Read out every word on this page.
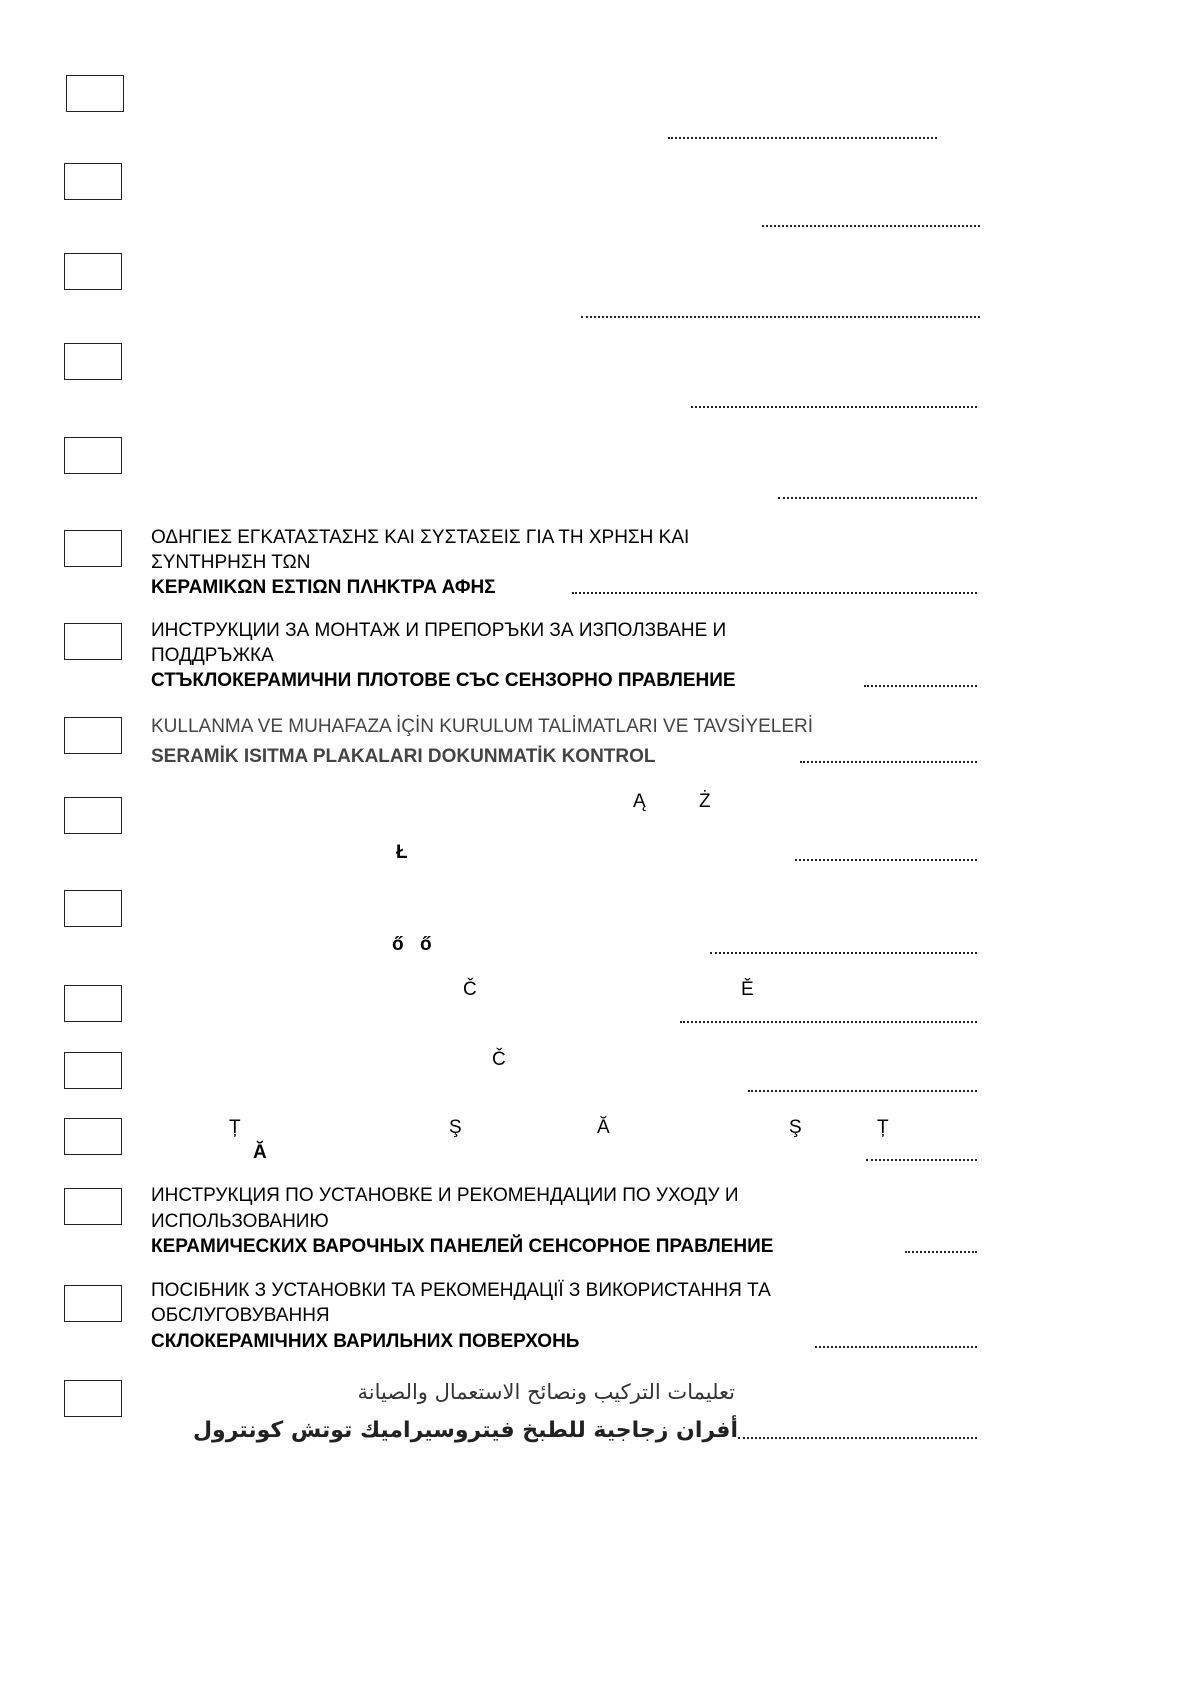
ΟΔΗΓΙΕΣ ΕΓΚΑΤΑΣΤΑΣΗΣ ΚΑΙ ΣΥΣΤΑΣΕΙΣ ΓΙΑ ΤΗ ΧΡΗΣΗ ΚΑΙ
ΣΥΝΤΗΡΗΣΗ ΤΩΝ
ΚΕΡΑΜΙΚΩΝ ΕΣΤΙΩΝ ΠΛΗΚΤΡΑ ΑΦΗΣ
ИНСТРУКЦИИ ЗА МОНТАЖ И ПРЕПОРЪКИ ЗА ИЗПОЛЗВАНЕ И
ПОДДРЪЖКА
СТЪКЛОКЕРАМИЧНИ ПЛОТОВЕ СЪС СЕНЗОРНО ПРАВЛЕНИЕ
KULLANMA VE MUHAFAZA İÇİN KURULUM TALİMATLARI VE TAVSİYELERİ
SERAMİK ISITMA PLAKALARI DOKUNMATİK KONTROL
Ą	Ż
Ł
ő ő
Č	Ě
Č
Ț	Ş	Ă	Ş	Ț
Ă
ИНСТРУКЦИЯ ПО УСТАНОВКЕ И РЕКОМЕНДАЦИИ ПО УХОДУ И
ИСПОЛЬЗОВАНИЮ
КЕРАМИЧЕСКИХ ВАРОЧНЫХ ПАНЕЛЕЙ СЕНСОРНОЕ ПРАВЛЕНИЕ
ПОСІБНИК З УСТАНОВКИ ТА РЕКОМЕНДАЦІЇ З ВИКОРИСТАННЯ ТА
ОБСЛУГОВУВАННЯ
СКЛОКЕРАМІЧНИХ ВАРИЛЬНИХ ПОВЕРХОНЬ
تعليمات التركيب ونصائح الاستعمال والصيانة
أفران زجاجية للطبخ فيتروسيراميك توتش كونترول
